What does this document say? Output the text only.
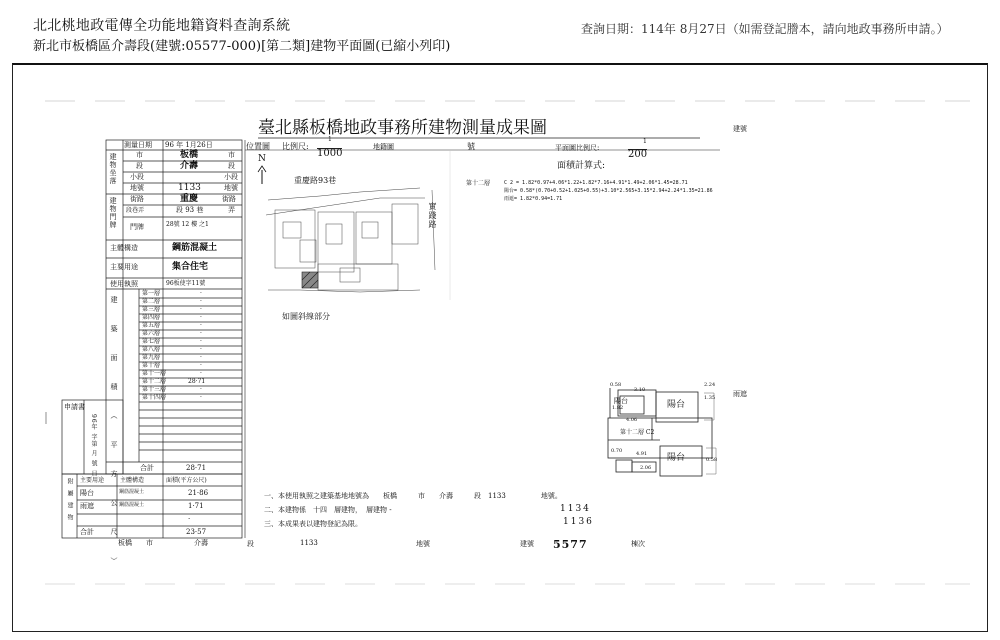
北北桃地政電傳全功能地籍資料查詢系統
新北市板橋區介壽段(建號:05577-000)[第二類]建物平面圖(已縮小列印)
查詢日期：114年 8月27日（如需登記謄本，請向地政事務所申請。）
臺北縣板橋地政事務所建物測量成果圖	建號
位置圖 比例尺:
1
1000
地籍圖	號	平面圖比例尺:
1
200
面積計算式:
第十二層	C 2 = 1.82*0.97+4.06*1.22+1.82*7.16+4.91*1.49+2.06*1.45=28.71
陽台= 0.58*(0.70+0.52+1.025+0.55)+3.10*2.565+3.15*2.94+2.24*1.35=21.86
雨遮= 1.82*0.94=1.71
N
重慶路93巷
實踐路
如圖斜線部分
測量日期 96 年 1月26日
建物坐落	市	板橋	市
段	介壽	段
小段	小段
地號	1133	地號
建物門牌 街路	重慶	街路
段巷弄	段 93 巷	弄
門牌	28號 12 樓 之1
主體構造	鋼筋混凝土
主要用途	集合住宅
使用執照	96板使字11號
建築面積（平方公尺）
第一層	·
第二層	·
第三層	·
第四層	·
第五層	·
第六層	·
第七層	·
第八層	·
第九層	·
第十層	·
第十一層	·
第十二層	28·71
第十三層	·
第十四層	·
合計	28·71
申請書
96年 字第 月 號 日
附屬建物 主要用途	主體構造	面積(平方公尺)
陽台	鋼筋混凝土	21·86
雨遮	鋼筋混凝土	1·71
·
合計	23·57
一、本使用執照之建築基地地號為　　板橋　　　市　　介壽　　　段　1133　　　　　地號。
二、本建物係　十四　層建物， 層建物 -
三、本成果表以建物登記為限。
1134
1136
板橋　　市	介壽	段	1133	地號	建號 5577	棟次
陽台	陽台
第十二層 C2
陽台
雨遮
0.58
3.10
4.06
1.82
2.24
1.35
0.70	4.91
2.06
0.58
